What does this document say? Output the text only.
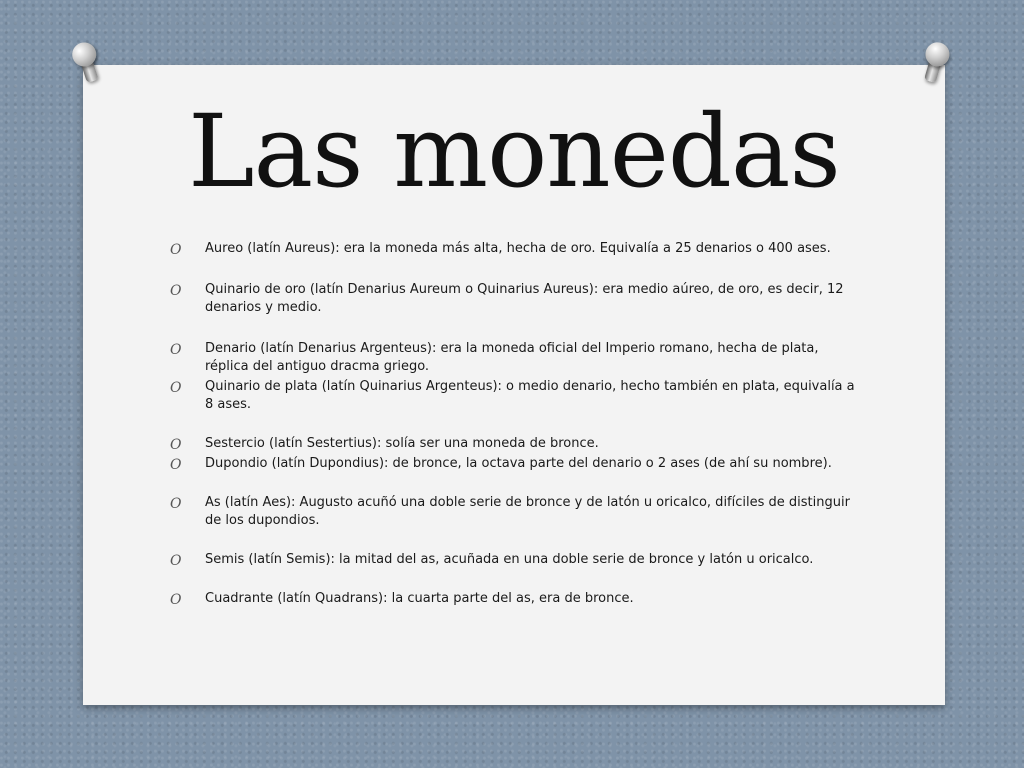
Las monedas
O Aureo (latín Aureus): era la moneda más alta, hecha de oro. Equivalía a 25 denarios o 400 ases.
O Quinario de oro (latín Denarius Aureum o Quinarius Aureus): era medio aúreo, de oro, es decir, 12 denarios y medio.
O Denario (latín Denarius Argenteus): era la moneda oficial del Imperio romano, hecha de plata, réplica del antiguo dracma griego.
O Quinario de plata (latín Quinarius Argenteus): o medio denario, hecho también en plata, equivalía a 8 ases.
O Sestercio (latín Sestertius): solía ser una moneda de bronce.
O Dupondio (latín Dupondius): de bronce, la octava parte del denario o 2 ases (de ahí su nombre).
O As (latín Aes): Augusto acuñó una doble serie de bronce y de latón u oricalco, difíciles de distinguir de los dupondios.
O Semis (latín Semis): la mitad del as, acuñada en una doble serie de bronce y latón u oricalco.
O Cuadrante (latín Quadrans): la cuarta parte del as, era de bronce.
